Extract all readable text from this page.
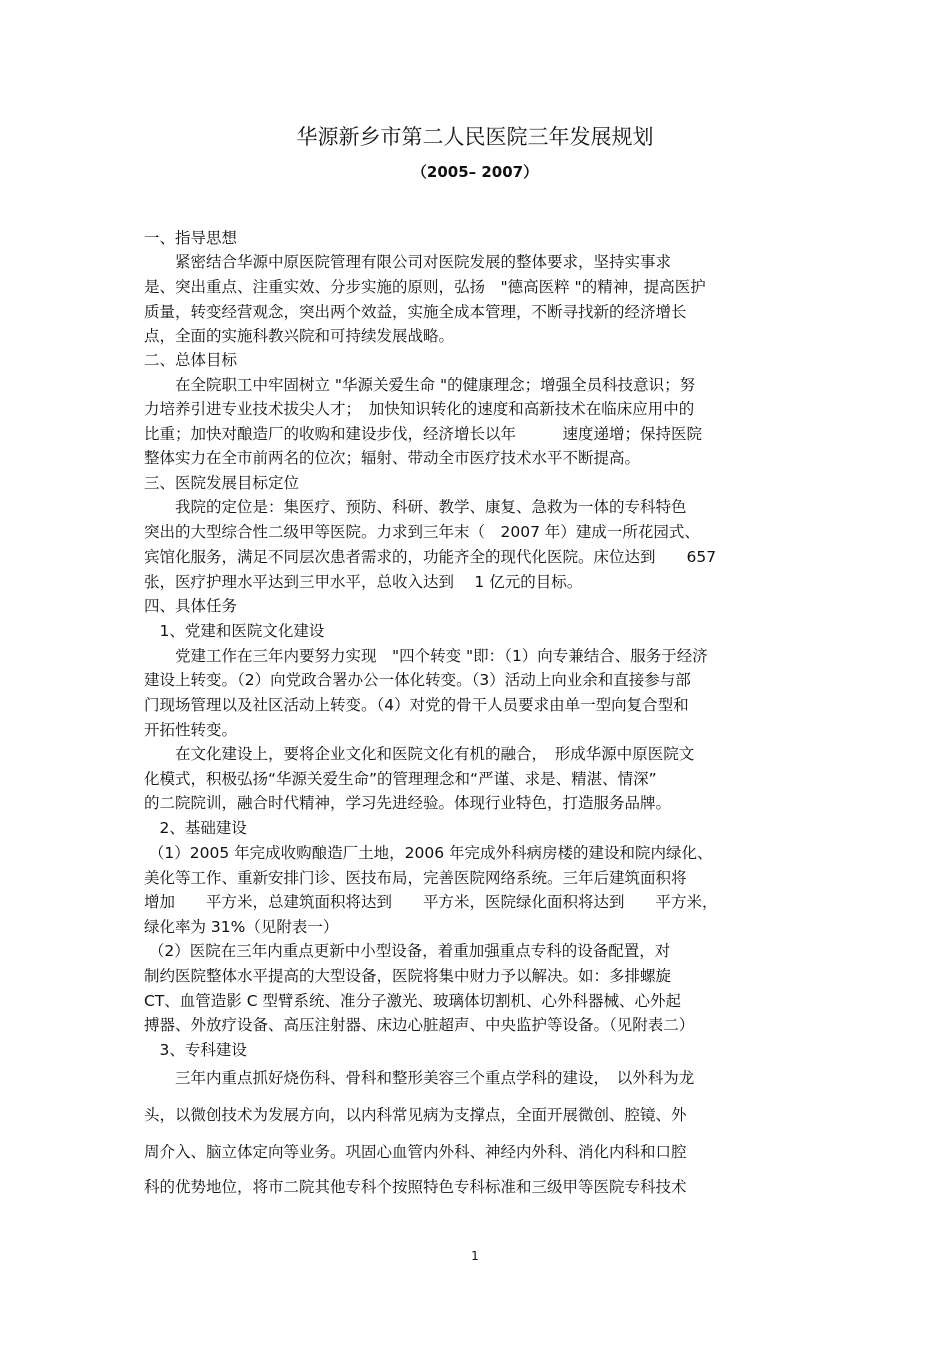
华源新乡市第二人民医院三年发展规划
（2005– 2007）
一、指导思想
　　紧密结合华源中原医院管理有限公司对医院发展的整体要求，坚持实事求
是、突出重点、注重实效、分步实施的原则，弘扬　"德高医粹 "的精神，提高医护
质量，转变经营观念，突出两个效益，实施全成本管理，不断寻找新的经济增长
点，全面的实施科教兴院和可持续发展战略。
二、总体目标
　　在全院职工中牢固树立 "华源关爱生命 "的健康理念；增强全员科技意识；努
力培养引进专业技术拔尖人才；　加快知识转化的速度和高新技术在临床应用中的
比重；加快对酿造厂的收购和建设步伐，经济增长以年　　　速度递增；保持医院
整体实力在全市前两名的位次；辐射、带动全市医疗技术水平不断提高。
三、医院发展目标定位
　　我院的定位是：集医疗、预防、科研、教学、康复、急救为一体的专科特色
突出的大型综合性二级甲等医院。力求到三年末（　2007 年）建成一所花园式、
宾馆化服务，满足不同层次患者需求的，功能齐全的现代化医院。床位达到　　657
张，医疗护理水平达到三甲水平，总收入达到　 1 亿元的目标。
四、具体任务
　1、党建和医院文化建设
　　党建工作在三年内要努力实现　"四个转变 "即：（1）向专兼结合、服务于经济
建设上转变。（2）向党政合署办公一体化转变。（3）活动上向业余和直接参与部
门现场管理以及社区活动上转变。（4）对党的骨干人员要求由单一型向复合型和
开拓性转变。
　　在文化建设上，要将企业文化和医院文化有机的融合，　形成华源中原医院文
化模式，积极弘扬“华源关爱生命”的管理理念和“严谨、求是、精湛、情深”
的二院院训，融合时代精神，学习先进经验。体现行业特色，打造服务品牌。
　2、基础建设
（1）2005 年完成收购酿造厂土地，2006 年完成外科病房楼的建设和院内绿化、
美化等工作、重新安排门诊、医技布局，完善医院网络系统。三年后建筑面积将
增加　　平方米，总建筑面积将达到　　平方米，医院绿化面积将达到　　平方米，
绿化率为 31%（见附表一）
（2）医院在三年内重点更新中小型设备，着重加强重点专科的设备配置，对
制约医院整体水平提高的大型设备，医院将集中财力予以解决。如：多排螺旋
CT、血管造影 C 型臂系统、准分子激光、玻璃体切割机、心外科器械、心外起
搏器、外放疗设备、高压注射器、床边心脏超声、中央监护等设备。（见附表二）
　3、专科建设
　　三年内重点抓好烧伤科、骨科和整形美容三个重点学科的建设，　以外科为龙
头，以微创技术为发展方向，以内科常见病为支撑点，全面开展微创、腔镜、外
周介入、脑立体定向等业务。巩固心血管内外科、神经内外科、消化内科和口腔
科的优势地位，将市二院其他专科个按照特色专科标准和三级甲等医院专科技术
1
